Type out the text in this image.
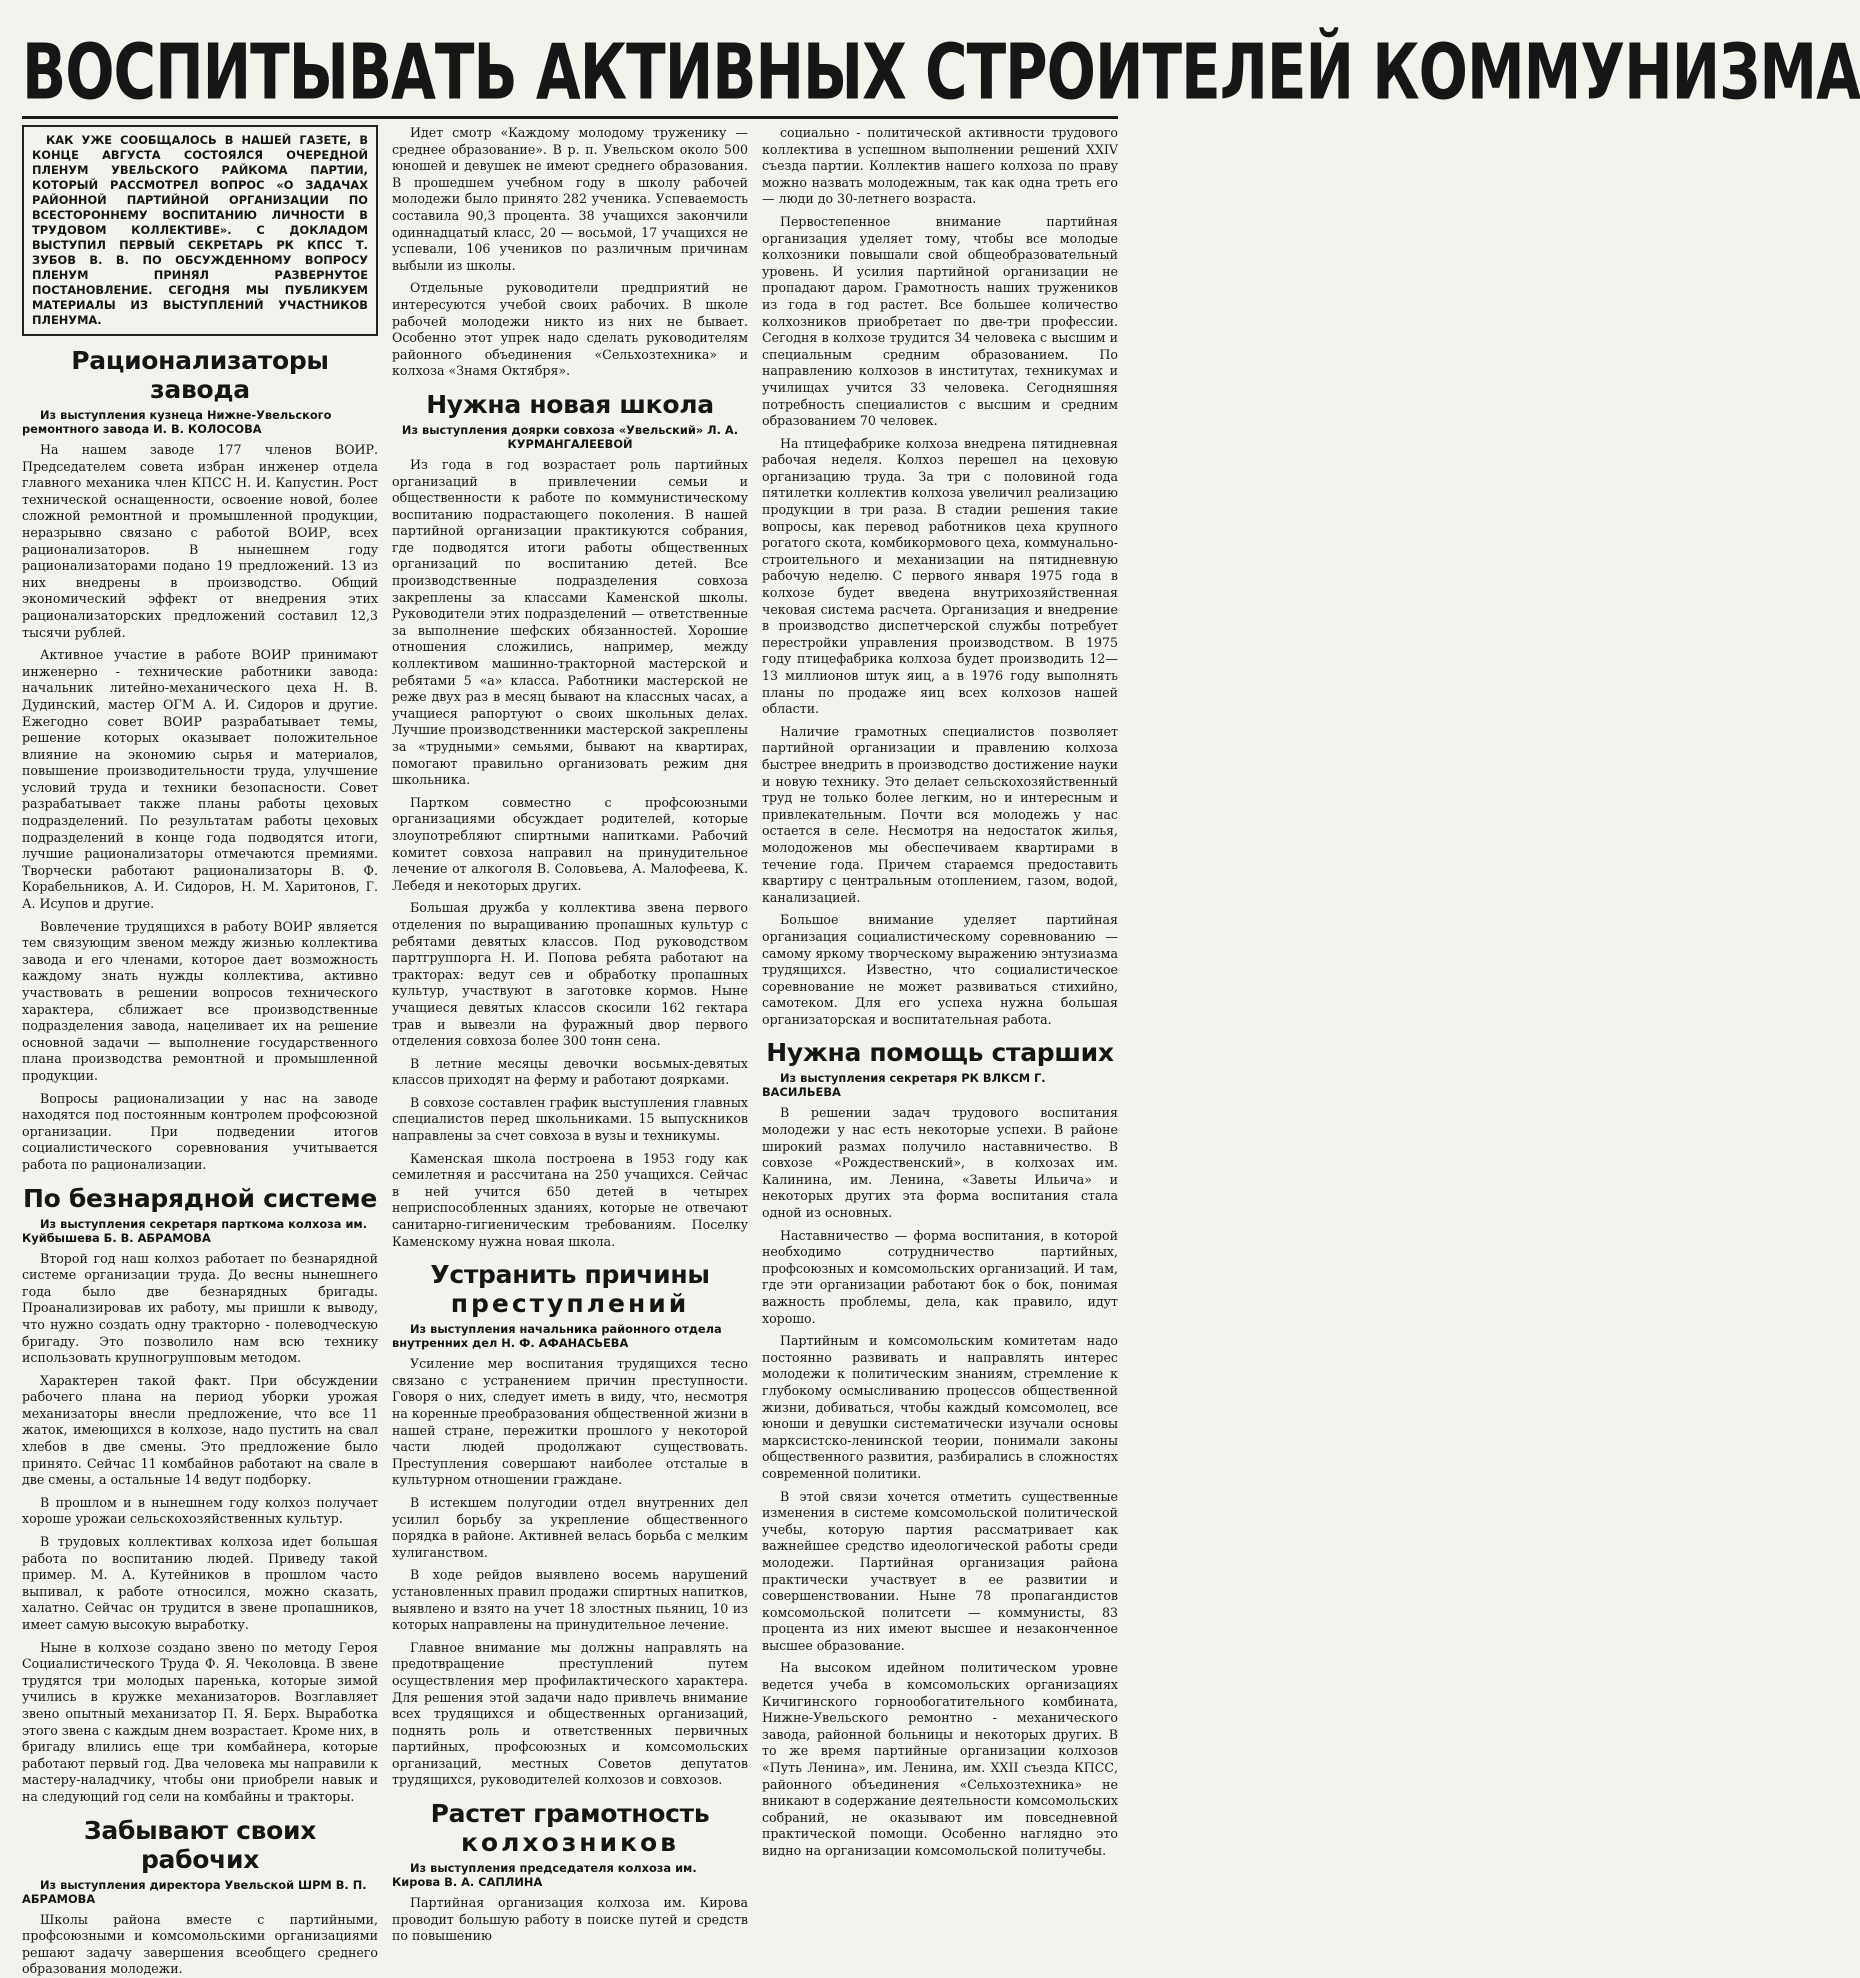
ВОСПИТЫВАТЬ АКТИВНЫХ СТРОИТЕЛЕЙ КОММУНИЗМА

КАК УЖЕ СООБЩАЛОСЬ В НАШЕЙ ГАЗЕТЕ, В КОНЦЕ АВГУСТА СОСТОЯЛСЯ ОЧЕРЕДНОЙ ПЛЕНУМ УВЕЛЬСКОГО РАЙКОМА ПАРТИИ, КОТОРЫЙ РАССМОТРЕЛ ВОПРОС «О ЗАДАЧАХ РАЙОННОЙ ПАРТИЙНОЙ ОРГАНИЗАЦИИ ПО ВСЕСТОРОННЕМУ ВОСПИТАНИЮ ЛИЧНОСТИ В ТРУДОВОМ КОЛЛЕКТИВЕ». С ДОКЛАДОМ ВЫСТУПИЛ ПЕРВЫЙ СЕКРЕТАРЬ РК КПСС Т. ЗУБОВ В. В. ПО ОБСУЖДЕННОМУ ВОПРОСУ ПЛЕНУМ ПРИНЯЛ РАЗВЕРНУТОЕ ПОСТАНОВЛЕНИЕ. СЕГОДНЯ МЫ ПУБЛИКУЕМ МАТЕРИАЛЫ ИЗ ВЫСТУПЛЕНИЙ УЧАСТНИКОВ ПЛЕНУМА.

Рационализаторы завода
Из выступления кузнеца Нижне-Увельского ремонтного завода И. В. КОЛОСОВА

На нашем заводе 177 членов ВОИР. Председателем совета избран инженер отдела главного механика член КПСС Н. И. Капустин. Рост технической оснащенности, освоение новой, более сложной ремонтной и промышленной продукции, неразрывно связано с работой ВОИР, всех рационализаторов. В нынешнем году рационализаторами подано 19 предложений. 13 из них внедрены в производство. Общий экономический эффект от внедрения этих рационализаторских предложений составил 12,3 тысячи рублей.

Активное участие в работе ВОИР принимают инженерно - технические работники завода: начальник литейно-механического цеха Н. В. Дудинский, мастер ОГМ А. И. Сидоров и другие. Ежегодно совет ВОИР разрабатывает темы, решение которых оказывает положительное влияние на экономию сырья и материалов, повышение производительности труда, улучшение условий труда и техники безопасности. Совет разрабатывает также планы работы цеховых подразделений. По результатам работы цеховых подразделений в конце года подводятся итоги, лучшие рационализаторы отмечаются премиями. Творчески работают рационализаторы В. Ф. Корабельников, А. И. Сидоров, Н. М. Харитонов, Г. А. Исупов и другие.

Вовлечение трудящихся в работу ВОИР является тем связующим звеном между жизнью коллектива завода и его членами, которое дает возможность каждому знать нужды коллектива, активно участвовать в решении вопросов технического характера, сближает все производственные подразделения завода, нацеливает их на решение основной задачи — выполнение государственного плана производства ремонтной и промышленной продукции.

Вопросы рационализации у нас на заводе находятся под постоянным контролем профсоюзной организации. При подведении итогов социалистического соревнования учитывается работа по рационализации.

По безнарядной системе
Из выступления секретаря парткома колхоза им. Куйбышева Б. В. АБРАМОВА

Второй год наш колхоз работает по безнарядной системе организации труда. До весны нынешнего года было две безнарядных бригады. Проанализировав их работу, мы пришли к выводу, что нужно создать одну тракторно - полеводческую бригаду. Это позволило нам всю технику использовать крупногрупповым методом.

Характерен такой факт. При обсуждении рабочего плана на период уборки урожая механизаторы внесли предложение, что все 11 жаток, имеющихся в колхозе, надо пустить на свал хлебов в две смены. Это предложение было принято. Сейчас 11 комбайнов работают на свале в две смены, а остальные 14 ведут подборку.

В прошлом и в нынешнем году колхоз получает хороше урожаи сельскохозяйственных культур.

В трудовых коллективах колхоза идет большая работа по воспитанию людей. Приведу такой пример. М. А. Кутейников в прошлом часто выпивал, к работе относился, можно сказать, халатно. Сейчас он трудится в звене пропашников, имеет самую высокую выработку.

Ныне в колхозе создано звено по методу Героя Социалистического Труда Ф. Я. Чеколовца. В звене трудятся три молодых паренька, которые зимой учились в кружке механизаторов. Возглавляет звено опытный механизатор П. Я. Берх. Выработка этого звена с каждым днем возрастает. Кроме них, в бригаду влились еще три комбайнера, которые работают первый год. Два человека мы направили к мастеру-наладчику, чтобы они приобрели навык и на следующий год сели на комбайны и тракторы.

Забывают своих рабочих
Из выступления директора Увельской ШРМ В. П. АБРАМОВА

Школы района вместе с партийными, профсоюзными и комсомольскими организациями решают задачу завершения всеобщего среднего образования молодежи.

Идет смотр «Каждому молодому труженику — среднее образование». В р. п. Увельском около 500 юношей и девушек не имеют среднего образования. В прошедшем учебном году в школу рабочей молодежи было принято 282 ученика. Успеваемость составила 90,3 процента. 38 учащихся закончили одиннадцатый класс, 20 — восьмой, 17 учащихся не успевали, 106 учеников по различным причинам выбыли из школы.

Отдельные руководители предприятий не интересуются учебой своих рабочих. В школе рабочей молодежи никто из них не бывает. Особенно этот упрек надо сделать руководителям районного объединения «Сельхозтехника» и колхоза «Знамя Октября».

Нужна новая школа
Из выступления доярки совхоза «Увельский» Л. А. КУРМАНГАЛЕЕВОЙ

Из года в год возрастает роль партийных организаций в привлечении семьи и общественности к работе по коммунистическому воспитанию подрастающего поколения. В нашей партийной организации практикуются собрания, где подводятся итоги работы общественных организаций по воспитанию детей. Все производственные подразделения совхоза закреплены за классами Каменской школы. Руководители этих подразделений — ответственные за выполнение шефских обязанностей. Хорошие отношения сложились, например, между коллективом машинно-тракторной мастерской и ребятами 5 «а» класса. Работники мастерской не реже двух раз в месяц бывают на классных часах, а учащиеся рапортуют о своих школьных делах. Лучшие производственники мастерской закреплены за «трудными» семьями, бывают на квартирах, помогают правильно организовать режим дня школьника.

Партком совместно с профсоюзными организациями обсуждает родителей, которые злоупотребляют спиртными напитками. Рабочий комитет совхоза направил на принудительное лечение от алкоголя В. Соловьева, А. Малофеева, К. Лебедя и некоторых других.

Большая дружба у коллектива звена первого отделения по выращиванию пропашных культур с ребятами девятых классов. Под руководством партгруппорга Н. И. Попова ребята работают на тракторах: ведут сев и обработку пропашных культур, участвуют в заготовке кормов. Ныне учащиеся девятых классов скосили 162 гектара трав и вывезли на фуражный двор первого отделения совхоза более 300 тонн сена.

В летние месяцы девочки восьмых-девятых классов приходят на ферму и работают доярками.

В совхозе составлен график выступления главных специалистов перед школьниками. 15 выпускников направлены за счет совхоза в вузы и техникумы.

Каменская школа построена в 1953 году как семилетняя и рассчитана на 250 учащихся. Сейчас в ней учится 650 детей в четырех неприспособленных зданиях, которые не отвечают санитарно-гигиеническим требованиям. Поселку Каменскому нужна новая школа.

Устранить причины
преступлений
Из выступления начальника районного отдела внутренних дел Н. Ф. АФАНАСЬЕВА

Усиление мер воспитания трудящихся тесно связано с устранением причин преступности. Говоря о них, следует иметь в виду, что, несмотря на коренные преобразования общественной жизни в нашей стране, пережитки прошлого у некоторой части людей продолжают существовать. Преступления совершают наиболее отсталые в культурном отношении граждане.

В истекшем полугодии отдел внутренних дел усилил борьбу за укрепление общественного порядка в районе. Активней велась борьба с мелким хулиганством.

В ходе рейдов выявлено восемь нарушений установленных правил продажи спиртных напитков, выявлено и взято на учет 18 злостных пьяниц, 10 из которых направлены на принудительное лечение.

Главное внимание мы должны направлять на предотвращение преступлений путем осуществления мер профилактического характера. Для решения этой задачи надо привлечь внимание всех трудящихся и общественных организаций, поднять роль и ответственных первичных партийных, профсоюзных и комсомольских организаций, местных Советов депутатов трудящихся, руководителей колхозов и совхозов.

Растет грамотность
колхозников
Из выступления председателя колхоза им. Кирова В. А. САПЛИНА

Партийная организация колхоза им. Кирова проводит большую работу в поиске путей и средств по повышению

социально - политической активности трудового коллектива в успешном выполнении решений XXIV съезда партии. Коллектив нашего колхоза по праву можно назвать молодежным, так как одна треть его — люди до 30-летнего возраста.

Первостепенное внимание партийная организация уделяет тому, чтобы все молодые колхозники повышали свой общеобразовательный уровень. И усилия партийной организации не пропадают даром. Грамотность наших тружеников из года в год растет. Все большее количество колхозников приобретает по две-три профессии. Сегодня в колхозе трудится 34 человека с высшим и специальным средним образованием. По направлению колхозов в институтах, техникумах и училищах учится 33 человека. Сегодняшняя потребность специалистов с высшим и средним образованием 70 человек.

На птицефабрике колхоза внедрена пятидневная рабочая неделя. Колхоз перешел на цеховую организацию труда. За три с половиной года пятилетки коллектив колхоза увеличил реализацию продукции в три раза. В стадии решения такие вопросы, как перевод работников цеха крупного рогатого скота, комбикормового цеха, коммунально-строительного и механизации на пятидневную рабочую неделю. С первого января 1975 года в колхозе будет введена внутрихозяйственная чековая система расчета. Организация и внедрение в производство диспетчерской службы потребует перестройки управления производством. В 1975 году птицефабрика колхоза будет производить 12—13 миллионов штук яиц, а в 1976 году выполнять планы по продаже яиц всех колхозов нашей области.

Наличие грамотных специалистов позволяет партийной организации и правлению колхоза быстрее внедрить в производство достижение науки и новую технику. Это делает сельскохозяйственный труд не только более легким, но и интересным и привлекательным. Почти вся молодежь у нас остается в селе. Несмотря на недостаток жилья, молодоженов мы обеспечиваем квартирами в течение года. Причем стараемся предоставить квартиру с центральным отоплением, газом, водой, канализацией.

Большое внимание уделяет партийная организация социалистическому соревнованию — самому яркому творческому выражению энтузиазма трудящихся. Известно, что социалистическое соревнование не может развиваться стихийно, самотеком. Для его успеха нужна большая организаторская и воспитательная работа.

Нужна помощь старших
Из выступления секретаря РК ВЛКСМ Г. ВАСИЛЬЕВА

В решении задач трудового воспитания молодежи у нас есть некоторые успехи. В районе широкий размах получило наставничество. В совхозе «Рождественский», в колхозах им. Калинина, им. Ленина, «Заветы Ильича» и некоторых других эта форма воспитания стала одной из основных.

Наставничество — форма воспитания, в которой необходимо сотрудничество партийных, профсоюзных и комсомольских организаций. И там, где эти организации работают бок о бок, понимая важность проблемы, дела, как правило, идут хорошо.

Партийным и комсомольским комитетам надо постоянно развивать и направлять интерес молодежи к политическим знаниям, стремление к глубокому осмысливанию процессов общественной жизни, добиваться, чтобы каждый комсомолец, все юноши и девушки систематически изучали основы марксистско-ленинской теории, понимали законы общественного развития, разбирались в сложностях современной политики.

В этой связи хочется отметить существенные изменения в системе комсомольской политической учебы, которую партия рассматривает как важнейшее средство идеологической работы среди молодежи. Партийная организация района практически участвует в ее развитии и совершенствовании. Ныне 78 пропагандистов комсомольской политсети — коммунисты, 83 процента из них имеют высшее и незаконченное высшее образование.

На высоком идейном политическом уровне ведется учеба в комсомольских организациях Кичигинского горнообогатительного комбината, Нижне-Увельского ремонтно - механического завода, районной больницы и некоторых других. В то же время партийные организации колхозов «Путь Ленина», им. Ленина, им. XXII съезда КПСС, районного объединения «Сельхозтехника» не вникают в содержание деятельности комсомольских собраний, не оказывают им повседневной практической помощи. Особенно наглядно это видно на организации комсомольской политучебы.
